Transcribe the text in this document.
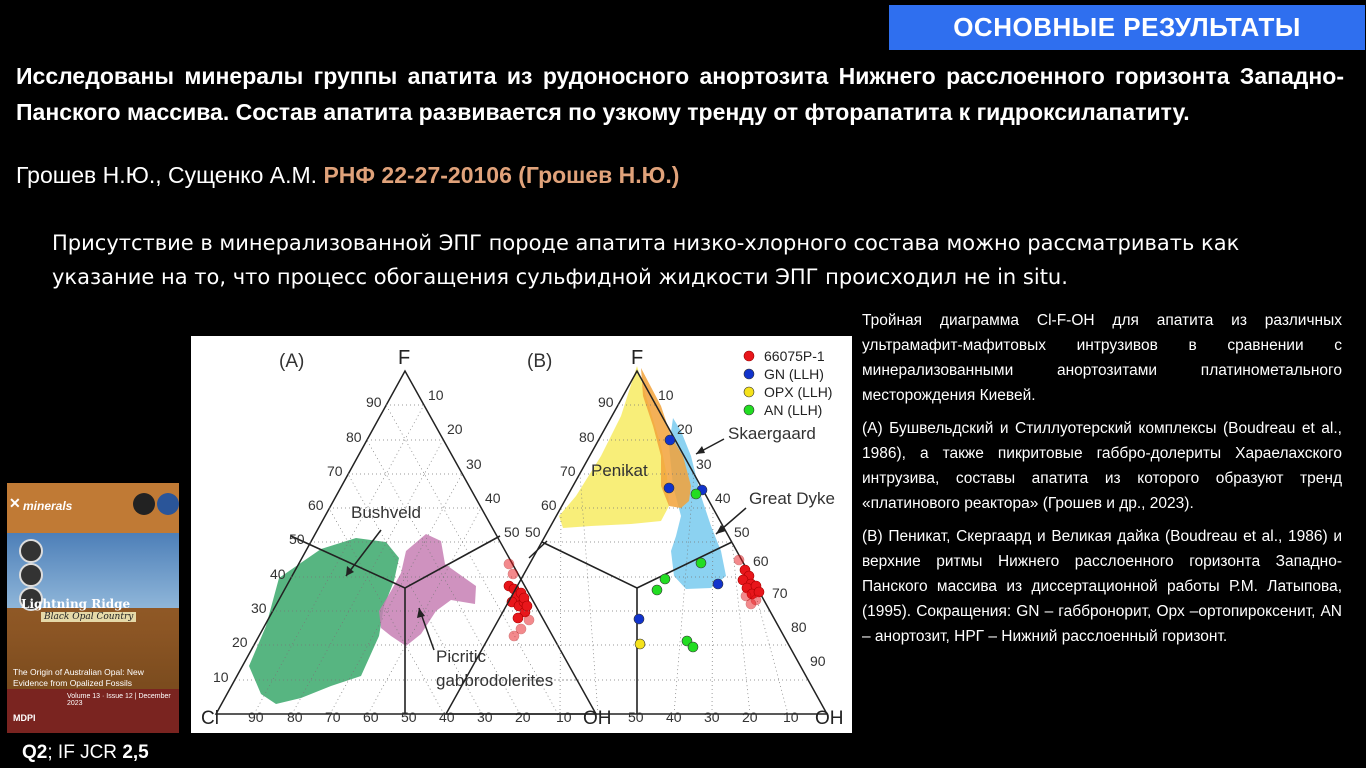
ОСНОВНЫЕ РЕЗУЛЬТАТЫ
Исследованы минералы группы апатита из рудоносного анортозита Нижнего расслоенного горизонта Западно-Панского массива. Состав апатита развивается по узкому тренду от фторапатита к гидроксилапатиту.
Грошев Н.Ю., Сущенко А.М. РНФ 22-27-20106 (Грошев Н.Ю.)
Присутствие в минерализованной ЭПГ породе апатита низко-хлорного состава можно рассматривать как указание на то, что процесс обогащения сульфидной жидкости ЭПГ происходил не in situ.
(A)	F
Cl	OH
90
80
70
60
50
40
30
20
10
10
20
30
40
50
90 80 70 60 50 40 30 20 10
Bushveld
Picritic
gabbrodolerites
(B)	F
OH
90
80
70
60
50
10
20
30
40
50
60
70
80
90
50 40 30 20 10
Penikat
Skaergaard
Great Dyke
66075P-1
GN (LLH)
OPX (LLH)
AN (LLH)

Тройная диаграмма Cl-F-OH для апатита из различных ультрамафит-мафитовых интрузивов в сравнении с минерализованными анортозитами платинометального месторождения Киевей.

(A) Бушвельдский и Стиллуотерский комплексы (Boudreau et al., 1986), а также пикритовые габбро-долериты Хараелахского интрузива, составы апатита из которого образуют тренд «платинового реактора» (Грошев и др., 2023).

(B) Пеникат, Скергаард и Великая дайка (Boudreau et al., 1986) и верхние ритмы Нижнего расслоенного горизонта Западно-Панского массива из диссертационной работы Р.М. Латыпова, (1995). Сокращения: GN – габбронорит, Орх –ортопироксенит, AN – анортозит, НРГ – Нижний расслоенный горизонт.

✕ minerals
Lightning Ridge
Black Opal Country
The Origin of Australian Opal: New Evidence from Opalized Fossils
Volume 13 · Issue 12 | December 2023
MDPI
Q2; IF JCR 2,5
